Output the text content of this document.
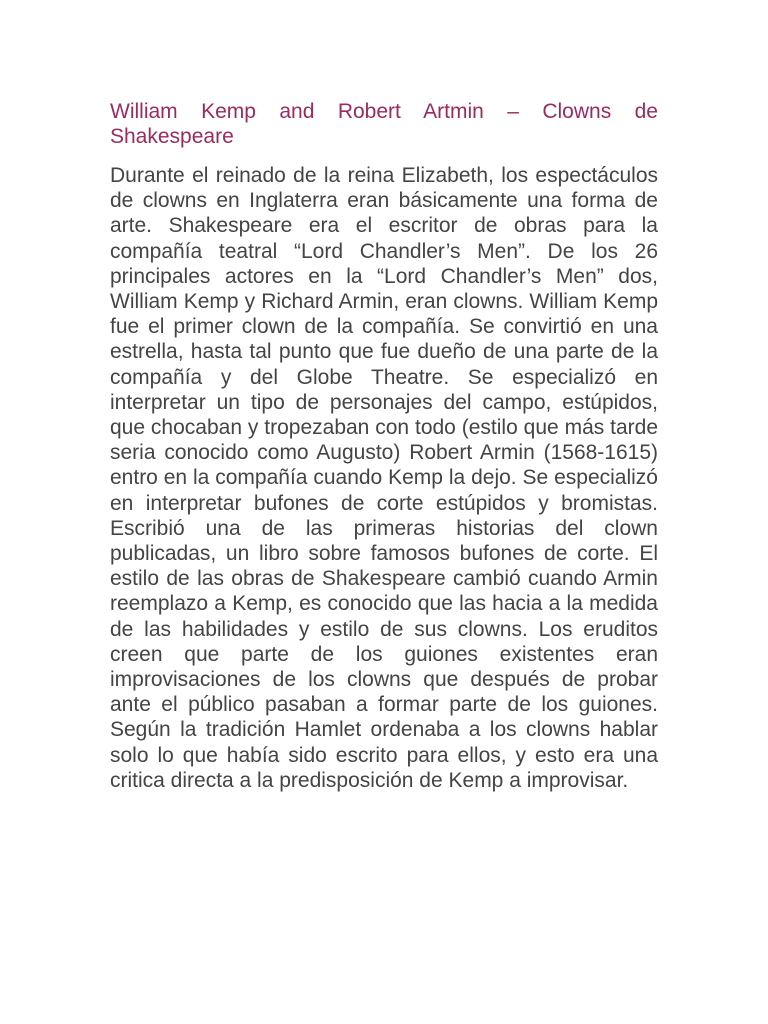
William Kemp and Robert Artmin – Clowns de Shakespeare

Durante el reinado de la reina Elizabeth, los espectáculos de clowns en Inglaterra eran básicamente una forma de arte. Shakespeare era el escritor de obras para la compañía teatral “Lord Chandler’s Men”. De los 26 principales actores en la “Lord Chandler’s Men” dos, William Kemp y Richard Armin, eran clowns. William Kemp fue el primer clown de la compañía. Se convirtió en una estrella, hasta tal punto que fue dueño de una parte de la compañía y del Globe Theatre. Se especializó en interpretar un tipo de personajes del campo, estúpidos, que chocaban y tropezaban con todo (estilo que más tarde seria conocido como Augusto) Robert Armin (1568-1615) entro en la compañía cuando Kemp la dejo. Se especializó en interpretar bufones de corte estúpidos y bromistas. Escribió una de las primeras historias del clown publicadas, un libro sobre famosos bufones de corte. El estilo de las obras de Shakespeare cambió cuando Armin reemplazo a Kemp, es conocido que las hacia a la medida de las habilidades y estilo de sus clowns. Los eruditos creen que parte de los guiones existentes eran improvisaciones de los clowns que después de probar ante el público pasaban a formar parte de los guiones. Según la tradición Hamlet ordenaba a los clowns hablar solo lo que había sido escrito para ellos, y esto era una critica directa a la predisposición de Kemp a improvisar.
